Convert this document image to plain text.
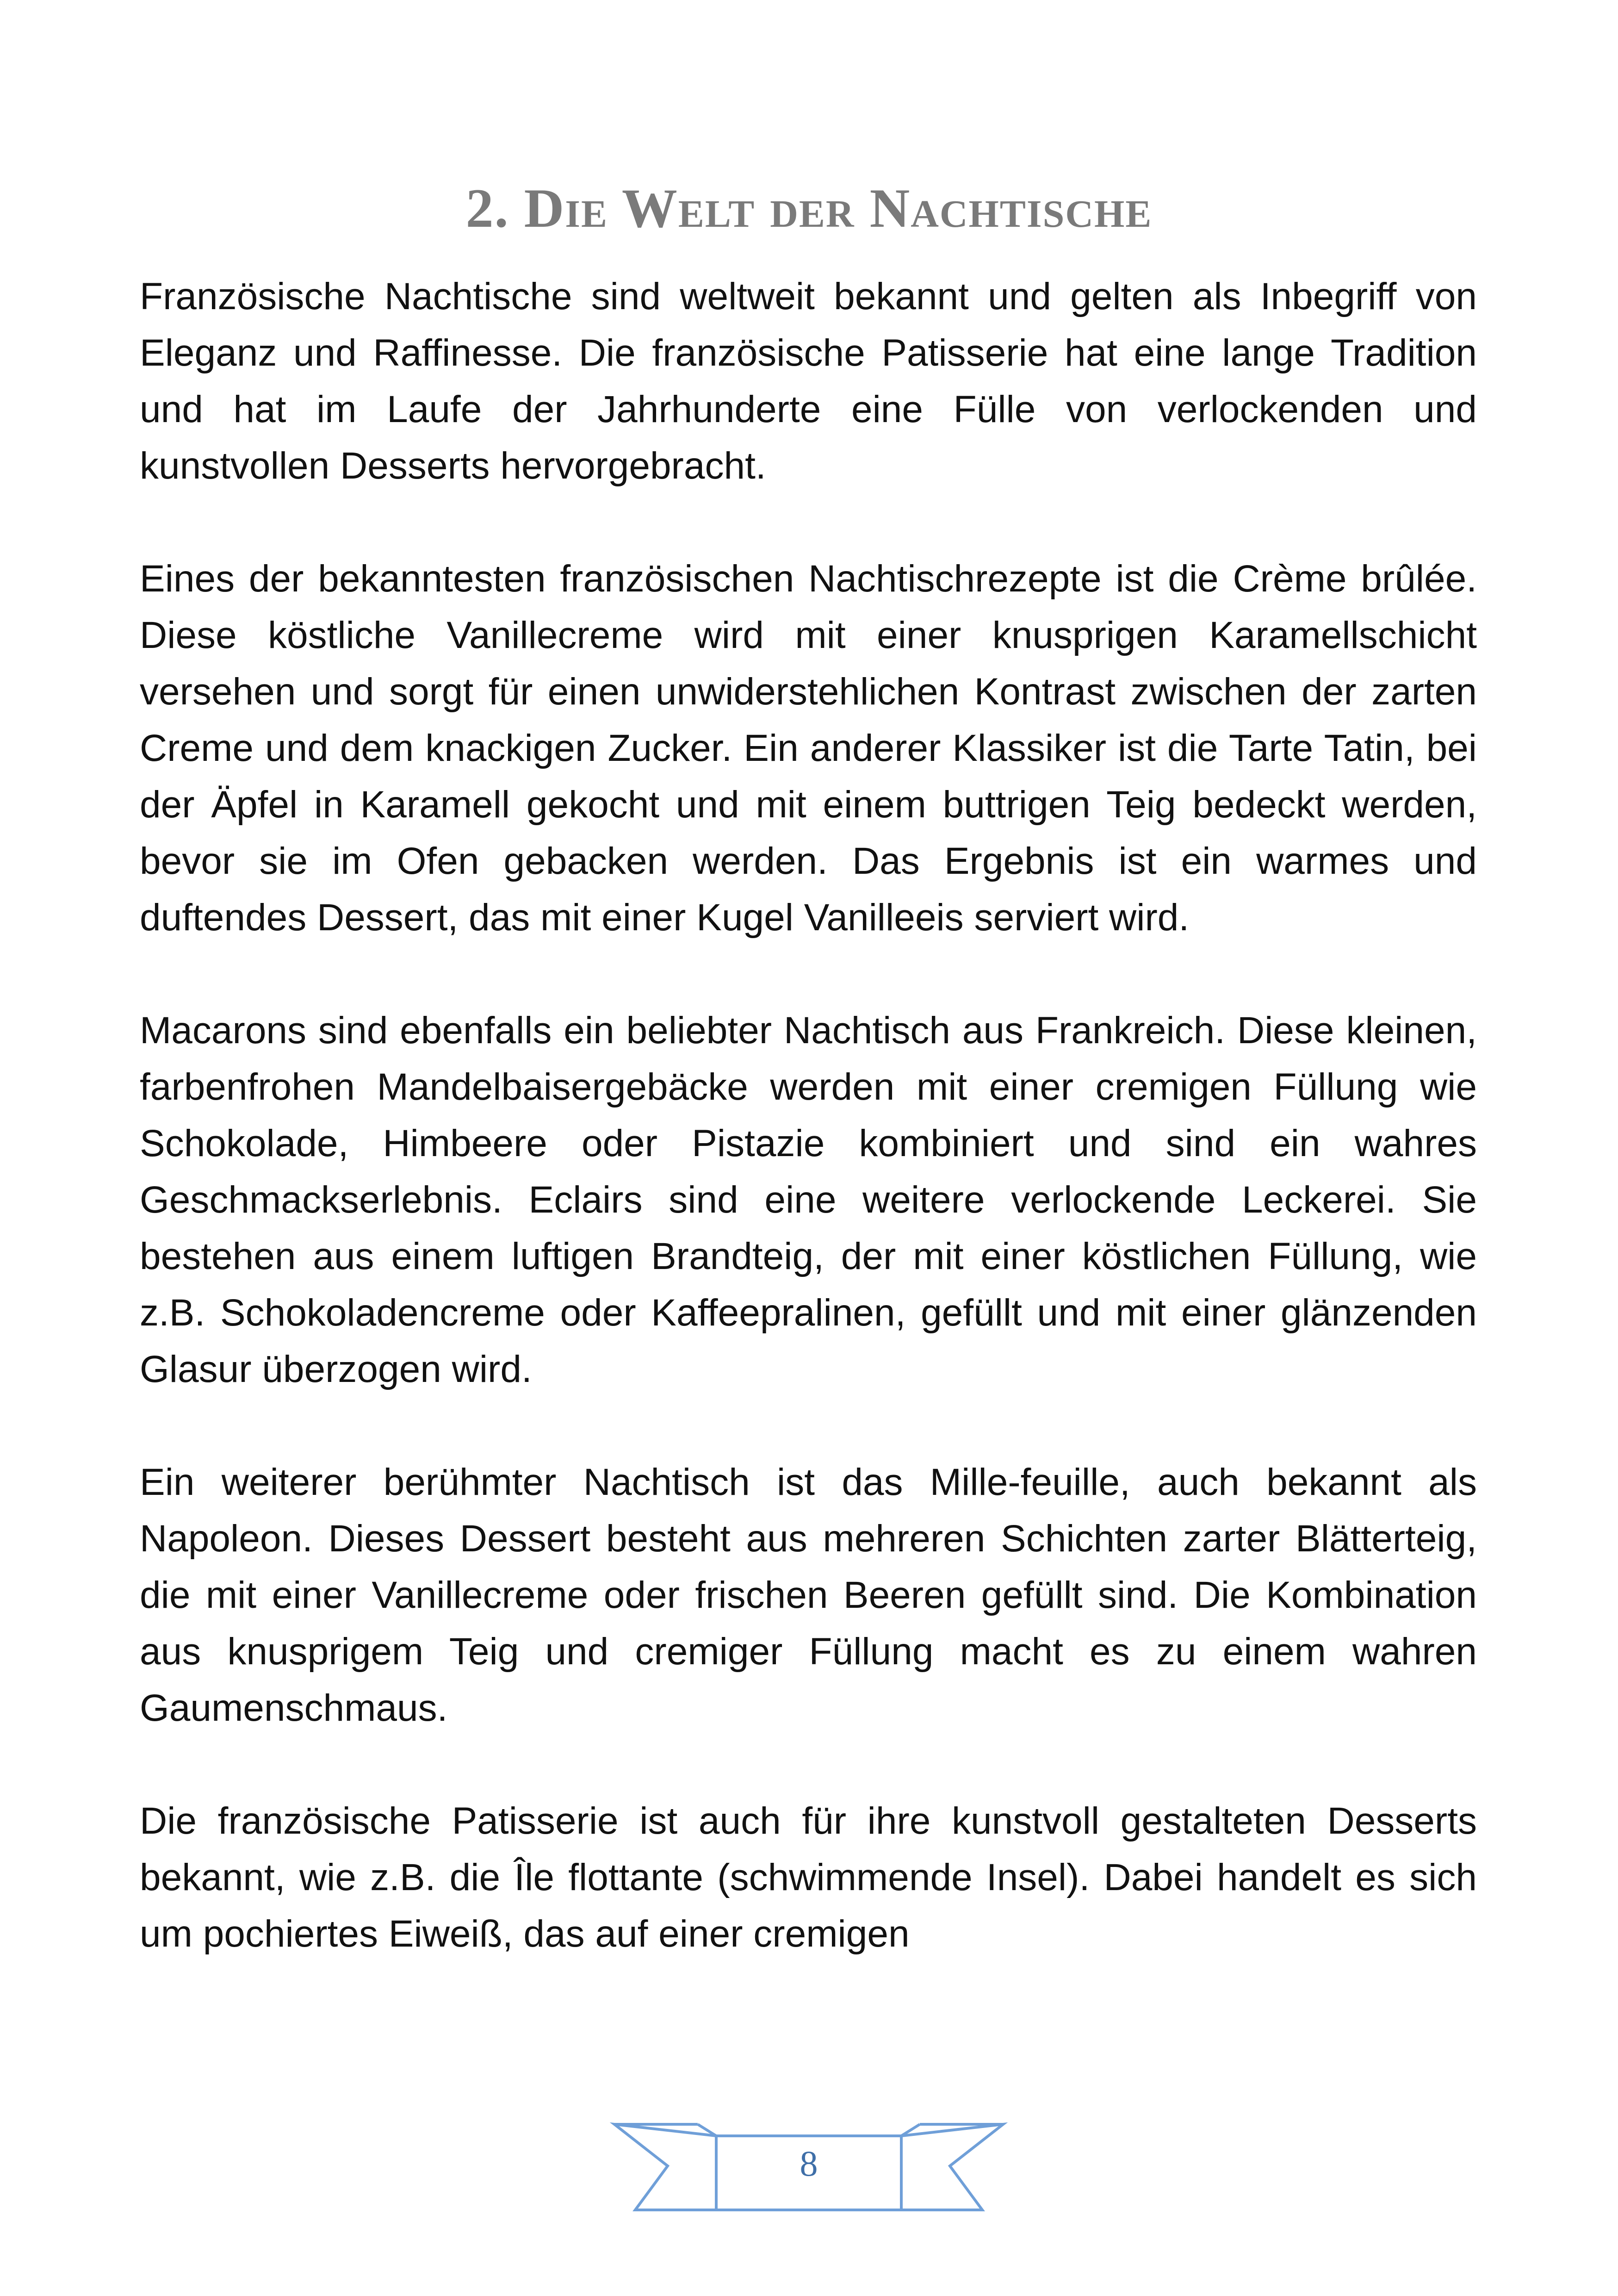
2. Die Welt der Nachtische

Französische Nachtische sind weltweit bekannt und gelten als Inbegriff von Eleganz und Raffinesse. Die französische Patisserie hat eine lange Tradition und hat im Laufe der Jahrhunderte eine Fülle von verlockenden und kunstvollen Desserts hervorgebracht.

Eines der bekanntesten französischen Nachtischrezepte ist die Crème brûlée. Diese köstliche Vanillecreme wird mit einer knusprigen Karamellschicht versehen und sorgt für einen unwiderstehlichen Kontrast zwischen der zarten Creme und dem knackigen Zucker. Ein anderer Klassiker ist die Tarte Tatin, bei der Äpfel in Karamell gekocht und mit einem buttrigen Teig bedeckt werden, bevor sie im Ofen gebacken werden. Das Ergebnis ist ein warmes und duftendes Dessert, das mit einer Kugel Vanilleeis serviert wird.

Macarons sind ebenfalls ein beliebter Nachtisch aus Frankreich. Diese kleinen, farbenfrohen Mandelbaisergebäcke werden mit einer cremigen Füllung wie Schokolade, Himbeere oder Pistazie kombiniert und sind ein wahres Geschmackserlebnis. Eclairs sind eine weitere verlockende Leckerei. Sie bestehen aus einem luftigen Brandteig, der mit einer köstlichen Füllung, wie z.B. Schokoladencreme oder Kaffeepralinen, gefüllt und mit einer glänzenden Glasur überzogen wird.

Ein weiterer berühmter Nachtisch ist das Mille-feuille, auch bekannt als Napoleon. Dieses Dessert besteht aus mehreren Schichten zarter Blätterteig, die mit einer Vanillecreme oder frischen Beeren gefüllt sind. Die Kombination aus knusprigem Teig und cremiger Füllung macht es zu einem wahren Gaumenschmaus.

Die französische Patisserie ist auch für ihre kunstvoll gestalteten Desserts bekannt, wie z.B. die Île flottante (schwimmende Insel). Dabei handelt es sich um pochiertes Eiweiß, das auf einer cremigen

8
